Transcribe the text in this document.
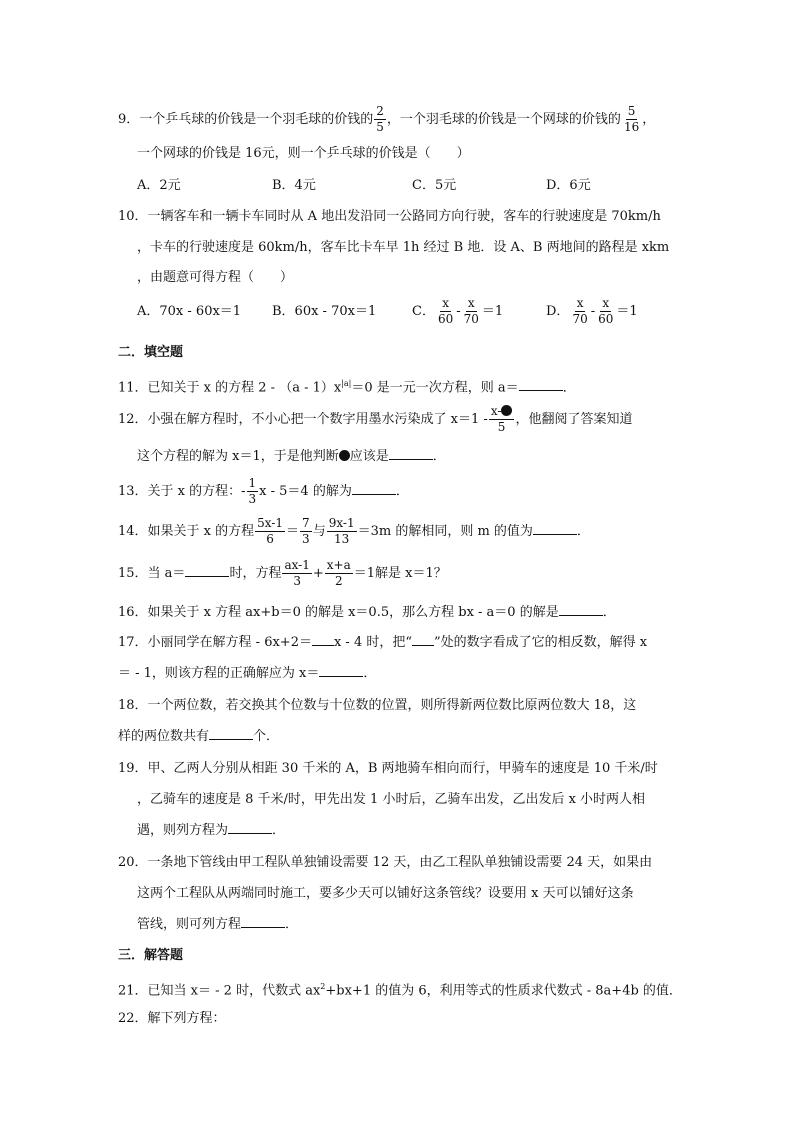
9．一个乒乓球的价钱是一个羽毛球的价钱的 $\frac{2}{5}$ ，一个羽毛球的价钱是一个网球的价钱的 $\frac{5}{16}$ ，
一个网球的价钱是 16元，则一个乒乓球的价钱是（　　）
A．2元	B．4元	C．5元	D．6元
10．一辆客车和一辆卡车同时从 A 地出发沿同一公路同方向行驶，客车的行驶速度是 70km/h
，卡车的行驶速度是 60km/h，客车比卡车早 1h 经过 B 地．设 A、B 两地间的路程是 xkm
，由题意可得方程（　　）
A．70x - 60x＝1 B．60x - 70x＝1	C． $\frac{x}{60} - \frac{x}{70} =1$	D． $\frac{x}{70} - \frac{x}{60} =1$
二．填空题
11．已知关于 x 的方程 $2 - (a - 1)x^{|a|}=0$ 是一元一次方程，则 a＝	．
12．小强在解方程时，不小心把一个数字用墨水污染成了 $x=1 - \frac{x-}{5}$ ，他翻阅了答案知道
这个方程的解为 x＝1，于是他判断 应该是	．
13．关于 x 的方程：- $\frac{1}{3}$ x - 5＝4 的解为	．
14．如果关于 x 的方程 $\frac{5x-1}{6} = \frac{7}{3}$ 与 $\frac{9x-1}{13} =3m$ 的解相同，则 m 的值为	．
15．当 a＝	时，方程 $\frac{ax-1}{3} + \frac{x+a}{2} =1$解是 x＝1？
16．如果关于 x 方程 ax+b＝0 的解是 x＝0.5，那么方程 bx - a＝0 的解是	．
17．小丽同学在解方程 - 6x+2＝ x - 4 时，把“ ”处的数字看成了它的相反数，解得 x
＝ - 1，则该方程的正确解应为 x＝	．
18．一个两位数，若交换其个位数与十位数的位置，则所得新两位数比原两位数大 18，这
样的两位数共有	个．
19．甲、乙两人分别从相距 30 千米的 A，B 两地骑车相向而行，甲骑车的速度是 10 千米/时
，乙骑车的速度是 8 千米/时，甲先出发 1 小时后，乙骑车出发，乙出发后 x 小时两人相
遇，则列方程为	．
20．一条地下管线由甲工程队单独铺设需要 12 天，由乙工程队单独铺设需要 24 天，如果由
这两个工程队从两端同时施工，要多少天可以铺好这条管线？设要用 x 天可以铺好这条
管线，则可列方程	．
三．解答题
21．已知当 x＝ - 2 时，代数式 $ax^2+bx+1$ 的值为 6，利用等式的性质求代数式 - 8a+4b 的值．
22．解下列方程：
